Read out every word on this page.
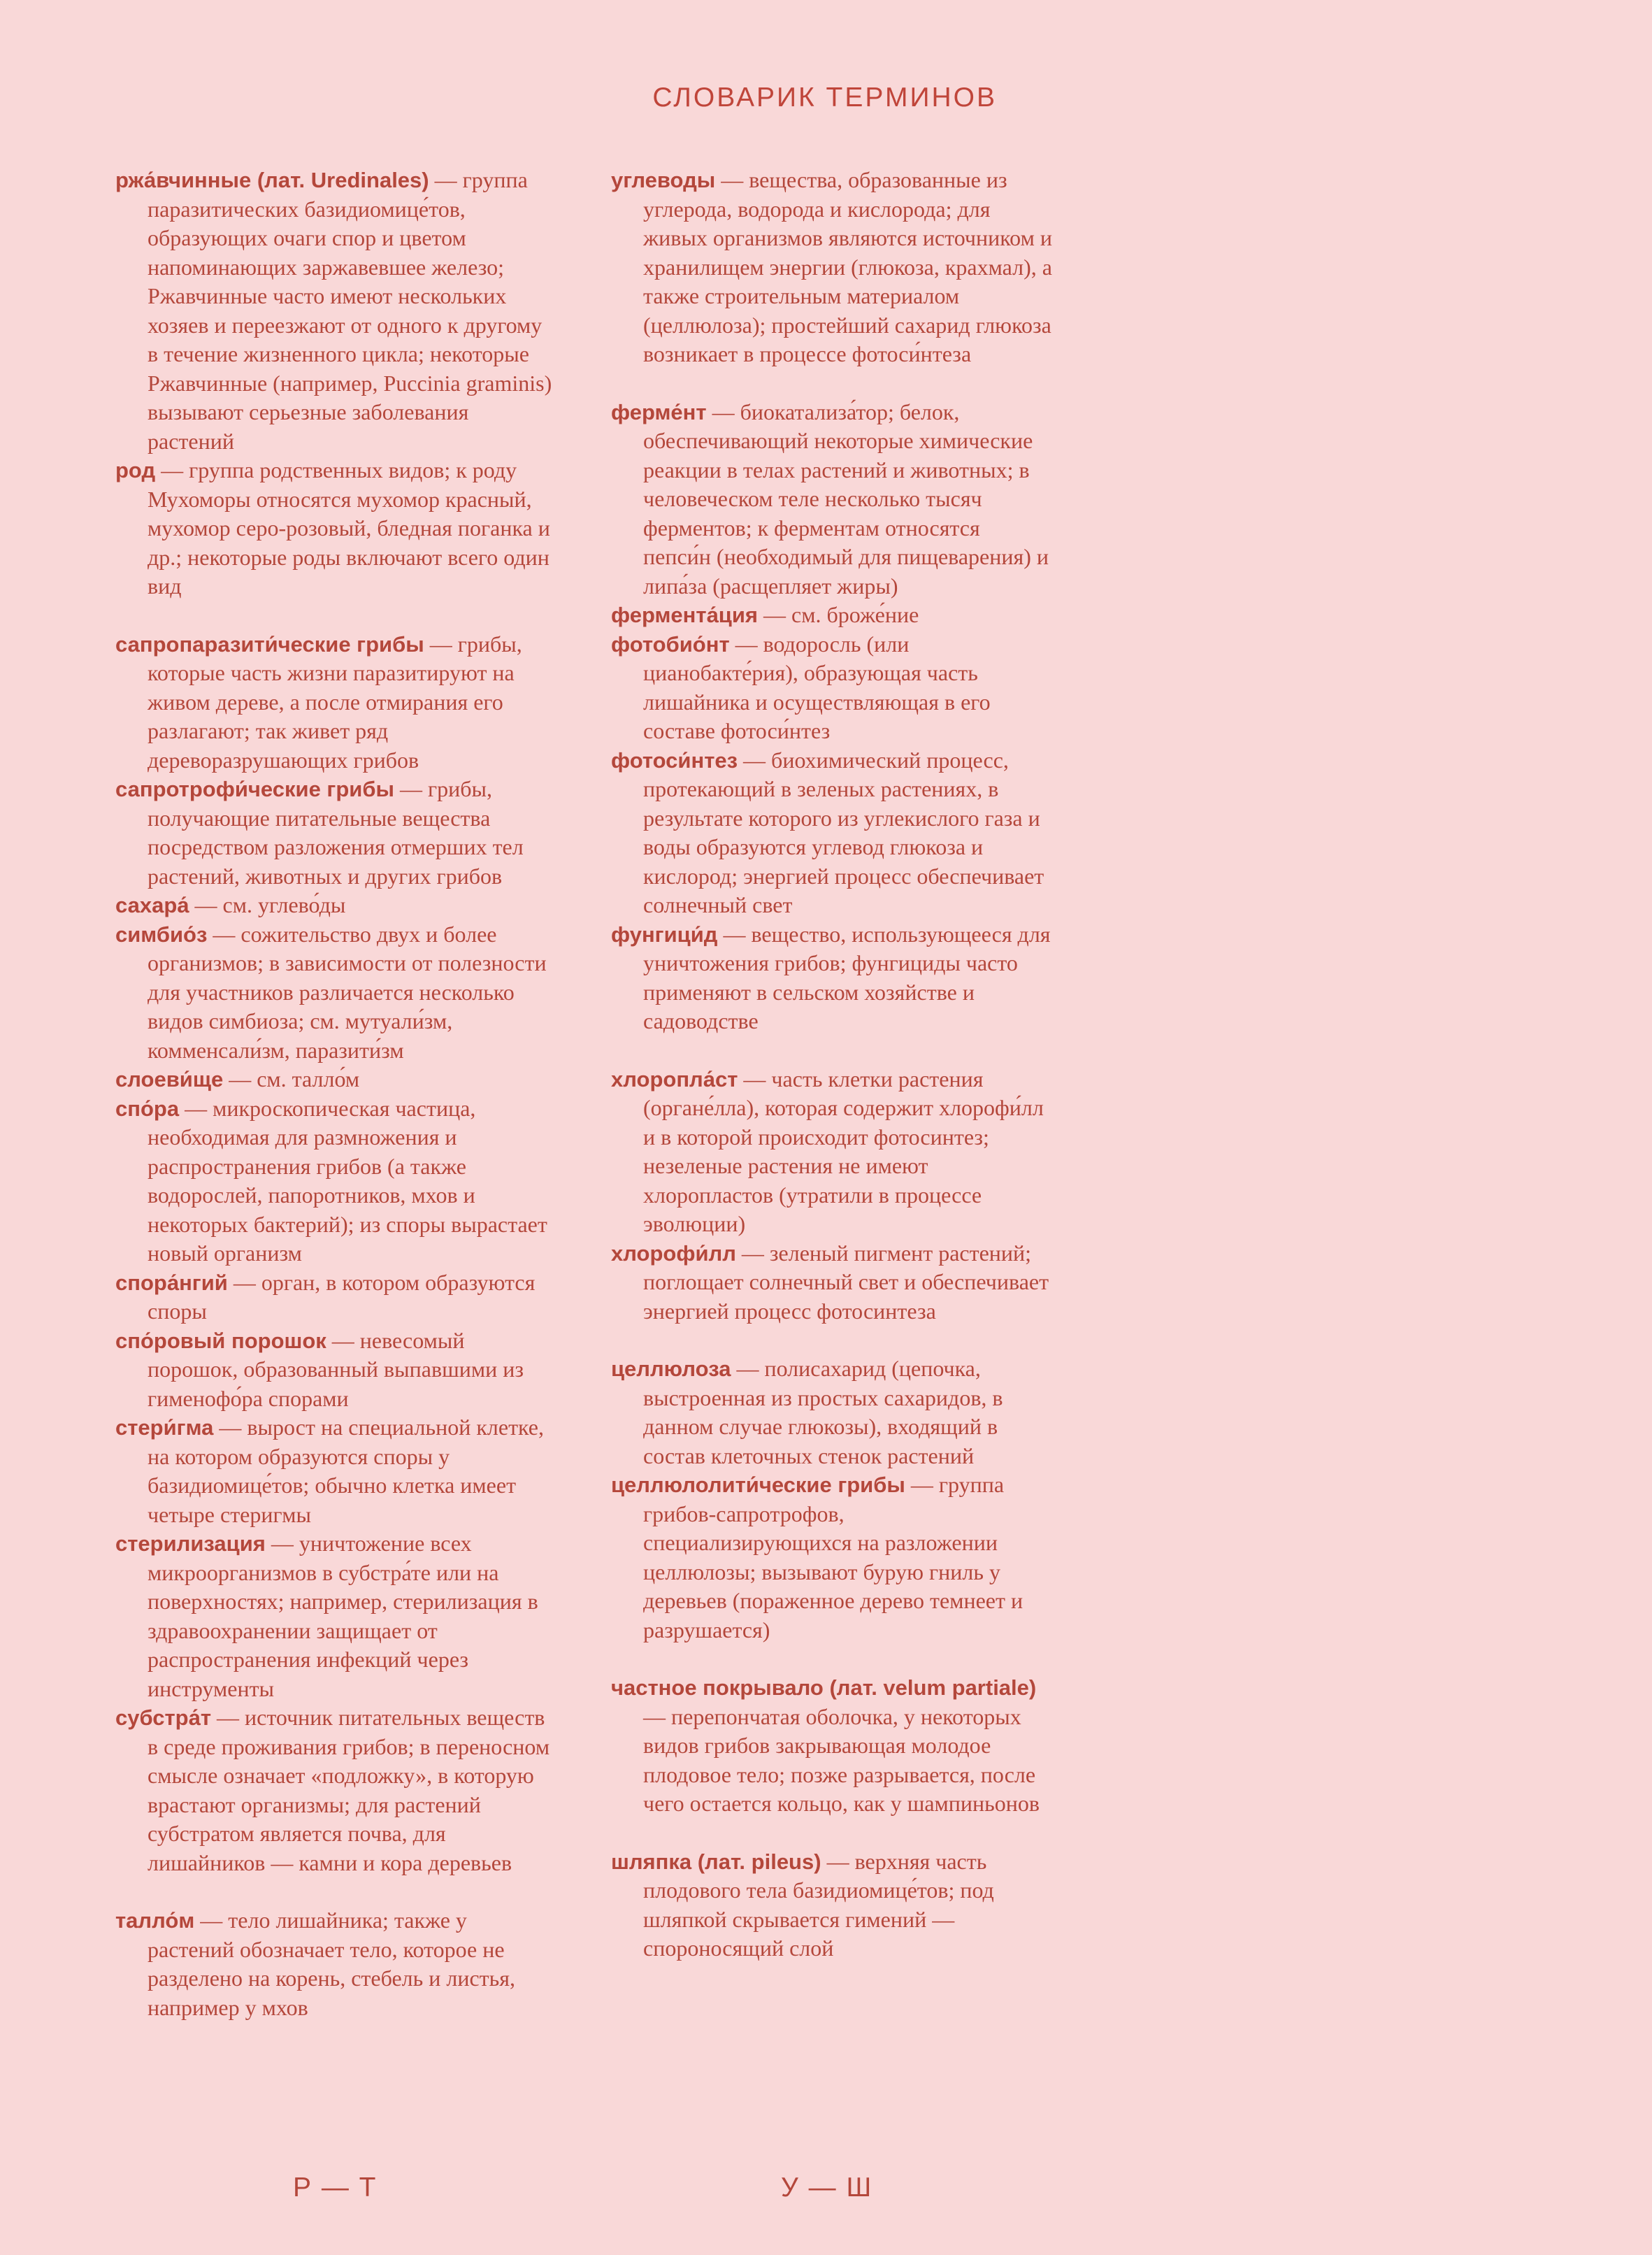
СЛОВАРИК ТЕРМИНОВ

ржа́вчинные (лат. Uredinales) — группа паразитических базидиомице́тов, образующих очаги спор и цветом напоминающих заржавевшее железо; Ржавчинные часто имеют нескольких хозяев и переезжают от одного к другому в течение жизненного цикла; некоторые Ржавчинные (например, Puccinia graminis) вызывают серьезные заболевания растений

род — группа родственных видов; к роду Мухоморы относятся мухомор красный, мухомор серо-розовый, бледная поганка и др.; некоторые роды включают всего один вид

сапропаразити́ческие грибы — грибы, которые часть жизни паразитируют на живом дереве, а после отмирания его разлагают; так живет ряд дереворазрушающих грибов

сапротрофи́ческие грибы — грибы, получающие питательные вещества посредством разложения отмерших тел растений, животных и других грибов

сахара́ — см. углево́ды

симбио́з — сожительство двух и более организмов; в зависимости от полезности для участников различается несколько видов симбиоза; см. мутуали́зм, комменсали́зм, паразити́зм

слоеви́ще — см. талло́м

спо́ра — микроскопическая частица, необходимая для размножения и распространения грибов (а также водорослей, папоротников, мхов и некоторых бактерий); из споры вырастает новый организм

спора́нгий — орган, в котором образуются споры

спо́ровый порошок — невесомый порошок, образованный выпавшими из гименофо́ра спорами

стери́гма — вырост на специальной клетке, на котором образуются споры у базидиомице́тов; обычно клетка имеет четыре стеригмы

стерилизация — уничтожение всех микроорганизмов в субстра́те или на поверхностях; например, стерилизация в здравоохранении защищает от распространения инфекций через инструменты

субстра́т — источник питательных веществ в среде проживания грибов; в переносном смысле означает «подложку», в которую врастают организмы; для растений субстратом является почва, для лишайников — камни и кора деревьев

талло́м — тело лишайника; также у растений обозначает тело, которое не разделено на корень, стебель и листья, например у мхов

углеводы — вещества, образованные из углерода, водорода и кислорода; для живых организмов являются источником и хранилищем энергии (глюкоза, крахмал), а также строительным материалом (целлюлоза); простейший сахарид глюкоза возникает в процессе фотоси́нтеза

ферме́нт — биокатализа́тор; белок, обеспечивающий некоторые химические реакции в телах растений и животных; в человеческом теле несколько тысяч ферментов; к ферментам относятся пепси́н (необходимый для пищеварения) и липа́за (расщепляет жиры)

фермента́ция — см. броже́ние

фотобио́нт — водоросль (или цианобакте́рия), образующая часть лишайника и осуществляющая в его составе фотоси́нтез

фотоси́нтез — биохимический процесс, протекающий в зеленых растениях, в результате которого из углекислого газа и воды образуются углевод глюкоза и кислород; энергией процесс обеспечивает солнечный свет

фунгици́д — вещество, использующееся для уничтожения грибов; фунгициды часто применяют в сельском хозяйстве и садоводстве

хлоропла́ст — часть клетки растения (органе́лла), которая содержит хлорофи́лл и в которой происходит фотосинтез; незеленые растения не имеют хлоропластов (утратили в процессе эволюции)

хлорофи́лл — зеленый пигмент растений; поглощает солнечный свет и обеспечивает энергией процесс фотосинтеза

целлюлоза — полисахарид (цепочка, выстроенная из простых сахаридов, в данном случае глюкозы), входящий в состав клеточных стенок растений

целлюлолити́ческие грибы — группа грибов-сапротрофов, специализирующихся на разложении целлюлозы; вызывают бурую гниль у деревьев (пораженное дерево темнеет и разрушается)

частное покрывало (лат. velum partiale) — перепончатая оболочка, у некоторых видов грибов закрывающая молодое плодовое тело; позже разрывается, после чего остается кольцо, как у шампиньонов

шляпка (лат. pileus) — верхняя часть плодового тела базидиомице́тов; под шляпкой скрывается гимений — спороносящий слой

Р — Т	У — Ш
